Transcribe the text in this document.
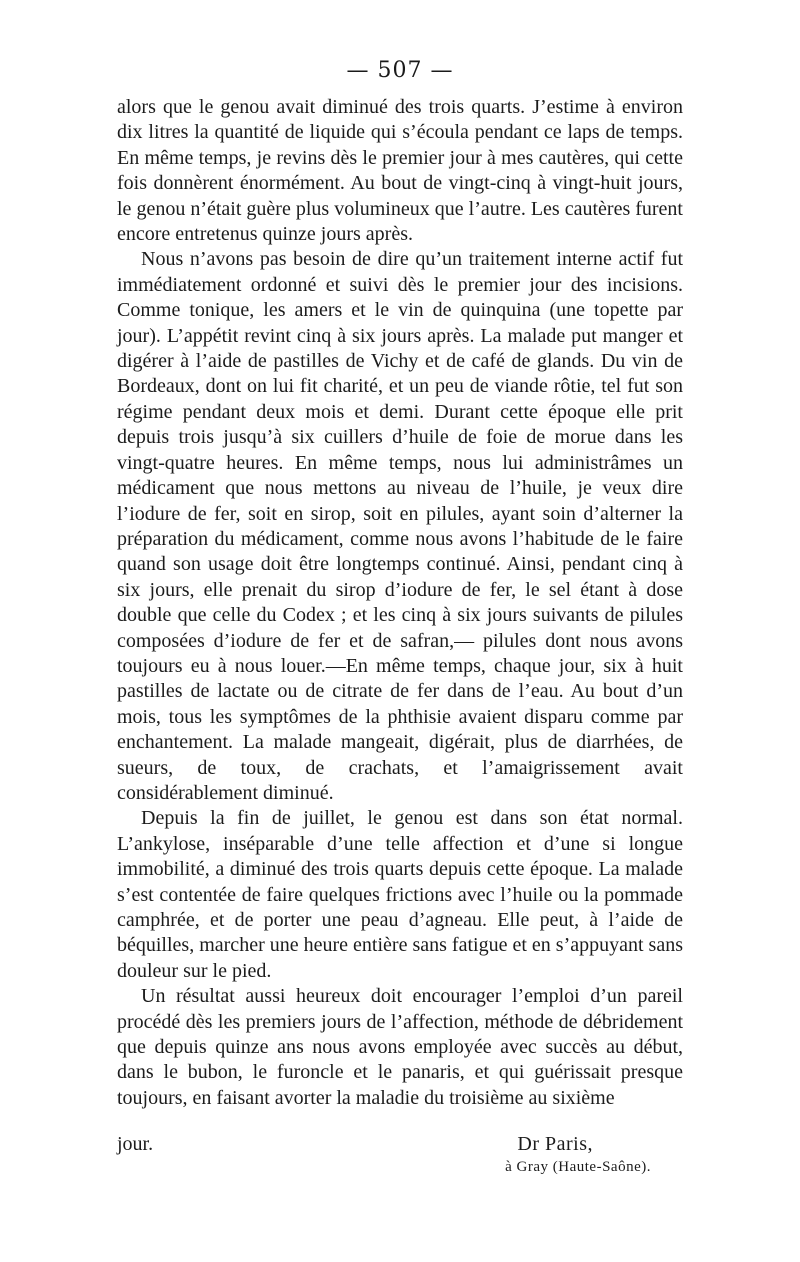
— 507 —

alors que le genou avait diminué des trois quarts. J’estime à environ dix litres la quantité de liquide qui s’écoula pendant ce laps de temps. En même temps, je revins dès le premier jour à mes cautères, qui cette fois donnèrent énormément. Au bout de vingt-cinq à vingt-huit jours, le genou n’était guère plus volumineux que l’autre. Les cautères furent encore entretenus quinze jours après.

Nous n’avons pas besoin de dire qu’un traitement interne actif fut immédiatement ordonné et suivi dès le premier jour des incisions. Comme tonique, les amers et le vin de quinquina (une topette par jour). L’appétit revint cinq à six jours après. La malade put manger et digérer à l’aide de pastilles de Vichy et de café de glands. Du vin de Bordeaux, dont on lui fit charité, et un peu de viande rôtie, tel fut son régime pendant deux mois et demi. Durant cette époque elle prit depuis trois jusqu’à six cuillers d’huile de foie de morue dans les vingt-quatre heures. En même temps, nous lui administrâmes un médicament que nous mettons au niveau de l’huile, je veux dire l’iodure de fer, soit en sirop, soit en pilules, ayant soin d’alterner la préparation du médicament, comme nous avons l’habitude de le faire quand son usage doit être longtemps continué. Ainsi, pendant cinq à six jours, elle prenait du sirop d’iodure de fer, le sel étant à dose double que celle du Codex ; et les cinq à six jours suivants de pilules composées d’iodure de fer et de safran,— pilules dont nous avons toujours eu à nous louer.—En même temps, chaque jour, six à huit pastilles de lactate ou de citrate de fer dans de l’eau. Au bout d’un mois, tous les symptômes de la phthisie avaient disparu comme par enchantement. La malade mangeait, digérait, plus de diarrhées, de sueurs, de toux, de crachats, et l’amaigrissement avait considérablement diminué.

Depuis la fin de juillet, le genou est dans son état normal. L’ankylose, inséparable d’une telle affection et d’une si longue immobilité, a diminué des trois quarts depuis cette époque. La malade s’est contentée de faire quelques frictions avec l’huile ou la pommade camphrée, et de porter une peau d’agneau. Elle peut, à l’aide de béquilles, marcher une heure entière sans fatigue et en s’appuyant sans douleur sur le pied.

Un résultat aussi heureux doit encourager l’emploi d’un pareil procédé dès les premiers jours de l’affection, méthode de débridement que depuis quinze ans nous avons employée avec succès au début, dans le bubon, le furoncle et le panaris, et qui guérissait presque toujours, en faisant avorter la maladie du troisième au sixième

jour.	Dr Paris,
à Gray (Haute-Saône).
